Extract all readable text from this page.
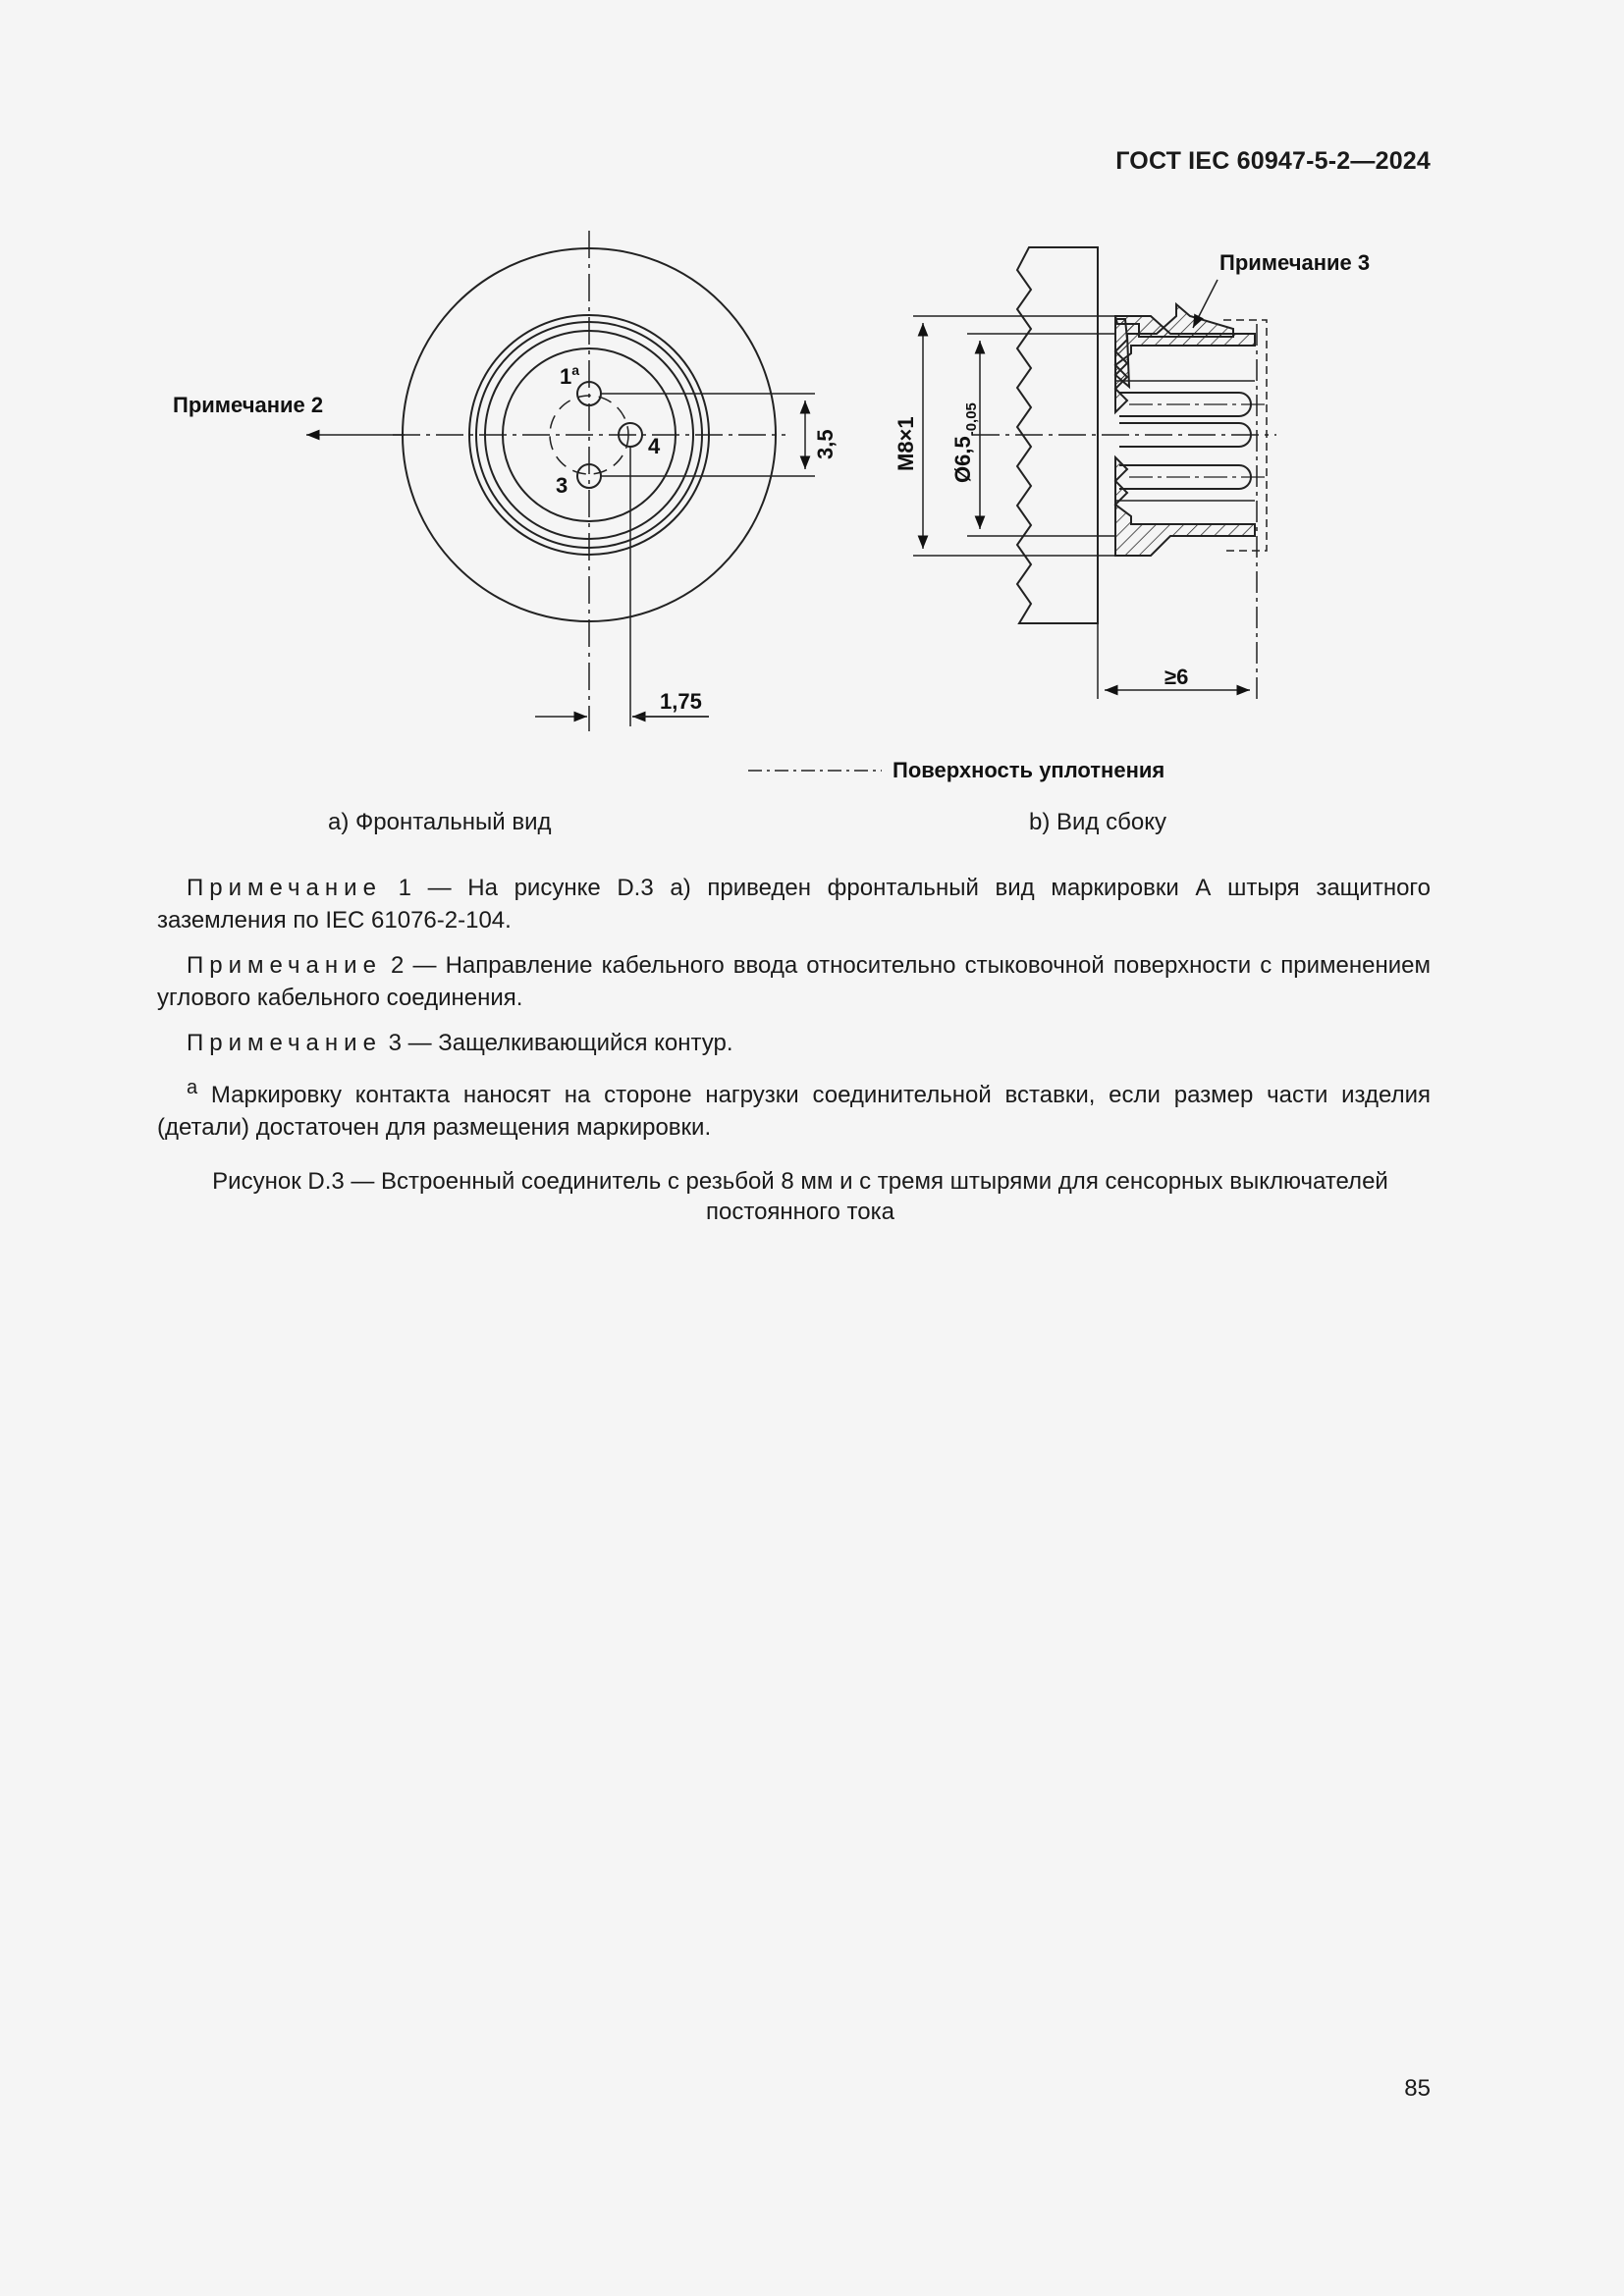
ГОСТ IEC 60947-5-2—2024
Примечание 2
1$^a$
3
4	3,5
1,75
Примечание 3
M8×1 $Ø6,5_{-0,05}$
≥6
Поверхность уплотнения
а) Фронтальный вид	b) Вид сбоку

Примечание 1 — На рисунке D.3 а) приведен фронтальный вид маркировки А штыря защитного заземления по IEC 61076-2-104.

Примечание 2 — Направление кабельного ввода относительно стыковочной поверхности с применением углового кабельного соединения.

Примечание 3 — Защелкивающийся контур.

$^а$ Маркировку контакта наносят на стороне нагрузки соединительной вставки, если размер части изделия (детали) достаточен для размещения маркировки.

Рисунок D.3 — Встроенный соединитель с резьбой 8 мм и с тремя штырями для сенсорных выключателей постоянного тока
85
